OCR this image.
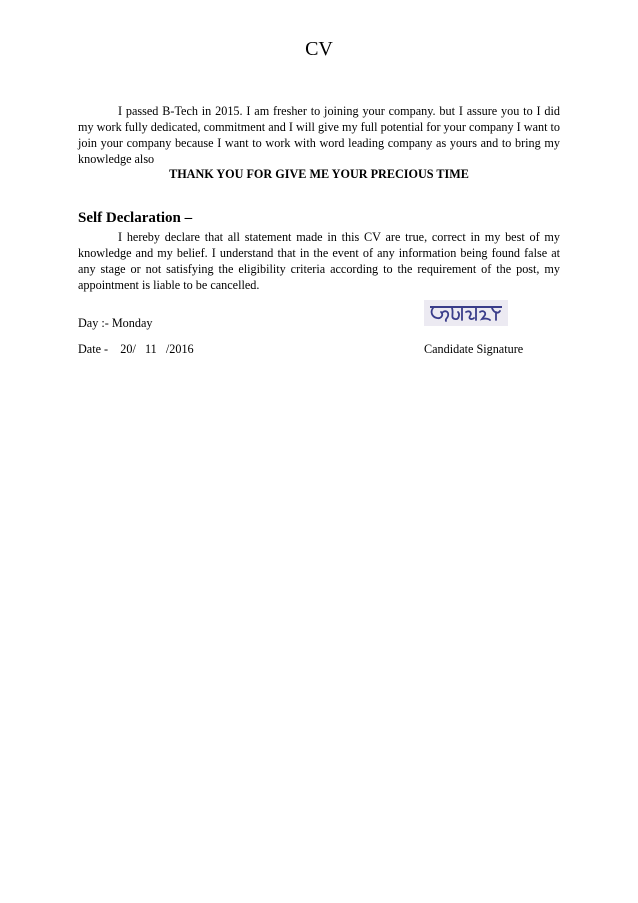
CV

I passed B-Tech in 2015. I am fresher to joining your company. but I assure you to I did my work fully dedicated, commitment and I will give my full potential for your company I want to join your company because I want to work with word leading company as yours and to bring my knowledge also

THANK YOU FOR GIVE ME YOUR PRECIOUS TIME
Self Declaration –

I hereby declare that all statement made in this CV are true, correct in my best of my knowledge and my belief. I understand that in the event of any information being found false at any stage or not satisfying the eligibility criteria according to the requirement of the post, my appointment is liable to be cancelled.

Day :- Monday
Date -    20/   11   /2016	Candidate Signature
